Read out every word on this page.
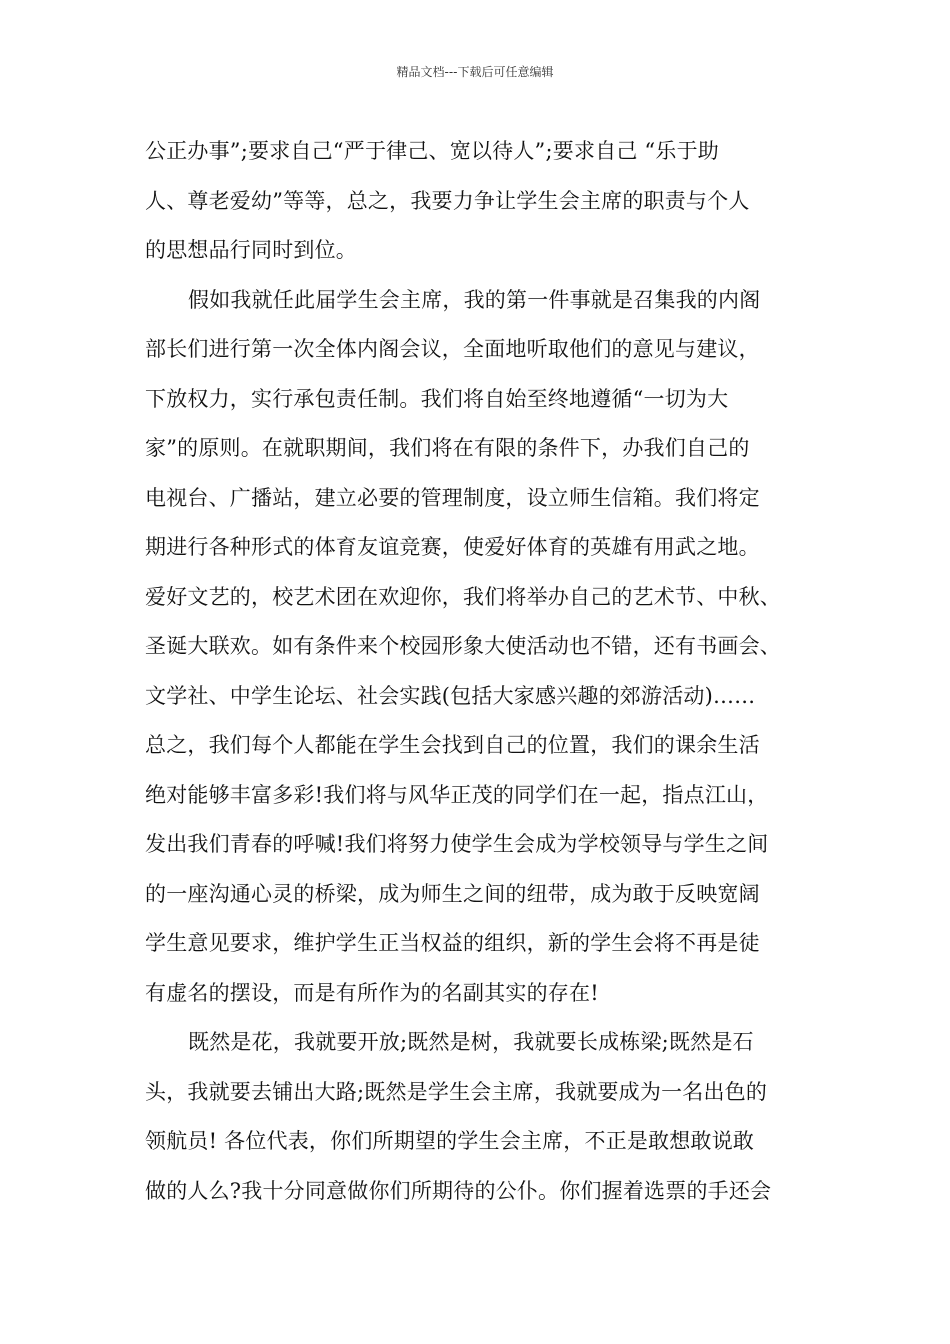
精品文档---下载后可任意编辑
公正办事”;要求自己“严于律己、宽以待人”;要求自己 “乐于助
人、尊老爱幼”等等，总之，我要力争让学生会主席的职责与个人
的思想品行同时到位。
假如我就任此届学生会主席，我的第一件事就是召集我的内阁
部长们进行第一次全体内阁会议，全面地听取他们的意见与建议，
下放权力，实行承包责任制。我们将自始至终地遵循“一切为大
家”的原则。在就职期间，我们将在有限的条件下，办我们自己的
电视台、广播站，建立必要的管理制度，设立师生信箱。我们将定
期进行各种形式的体育友谊竞赛，使爱好体育的英雄有用武之地。
爱好文艺的，校艺术团在欢迎你，我们将举办自己的艺术节、中秋、
圣诞大联欢。如有条件来个校园形象大使活动也不错，还有书画会、
文学社、中学生论坛、社会实践(包括大家感兴趣的郊游活动)……
总之，我们每个人都能在学生会找到自己的位置，我们的课余生活
绝对能够丰富多彩!我们将与风华正茂的同学们在一起，指点江山，
发出我们青春的呼喊!我们将努力使学生会成为学校领导与学生之间
的一座沟通心灵的桥梁，成为师生之间的纽带，成为敢于反映宽阔
学生意见要求，维护学生正当权益的组织，新的学生会将不再是徒
有虚名的摆设，而是有所作为的名副其实的存在!
既然是花，我就要开放;既然是树，我就要长成栋梁;既然是石
头，我就要去铺出大路;既然是学生会主席，我就要成为一名出色的
领航员! 各位代表，你们所期望的学生会主席，不正是敢想敢说敢
做的人么?我十分同意做你们所期待的公仆。你们握着选票的手还会
